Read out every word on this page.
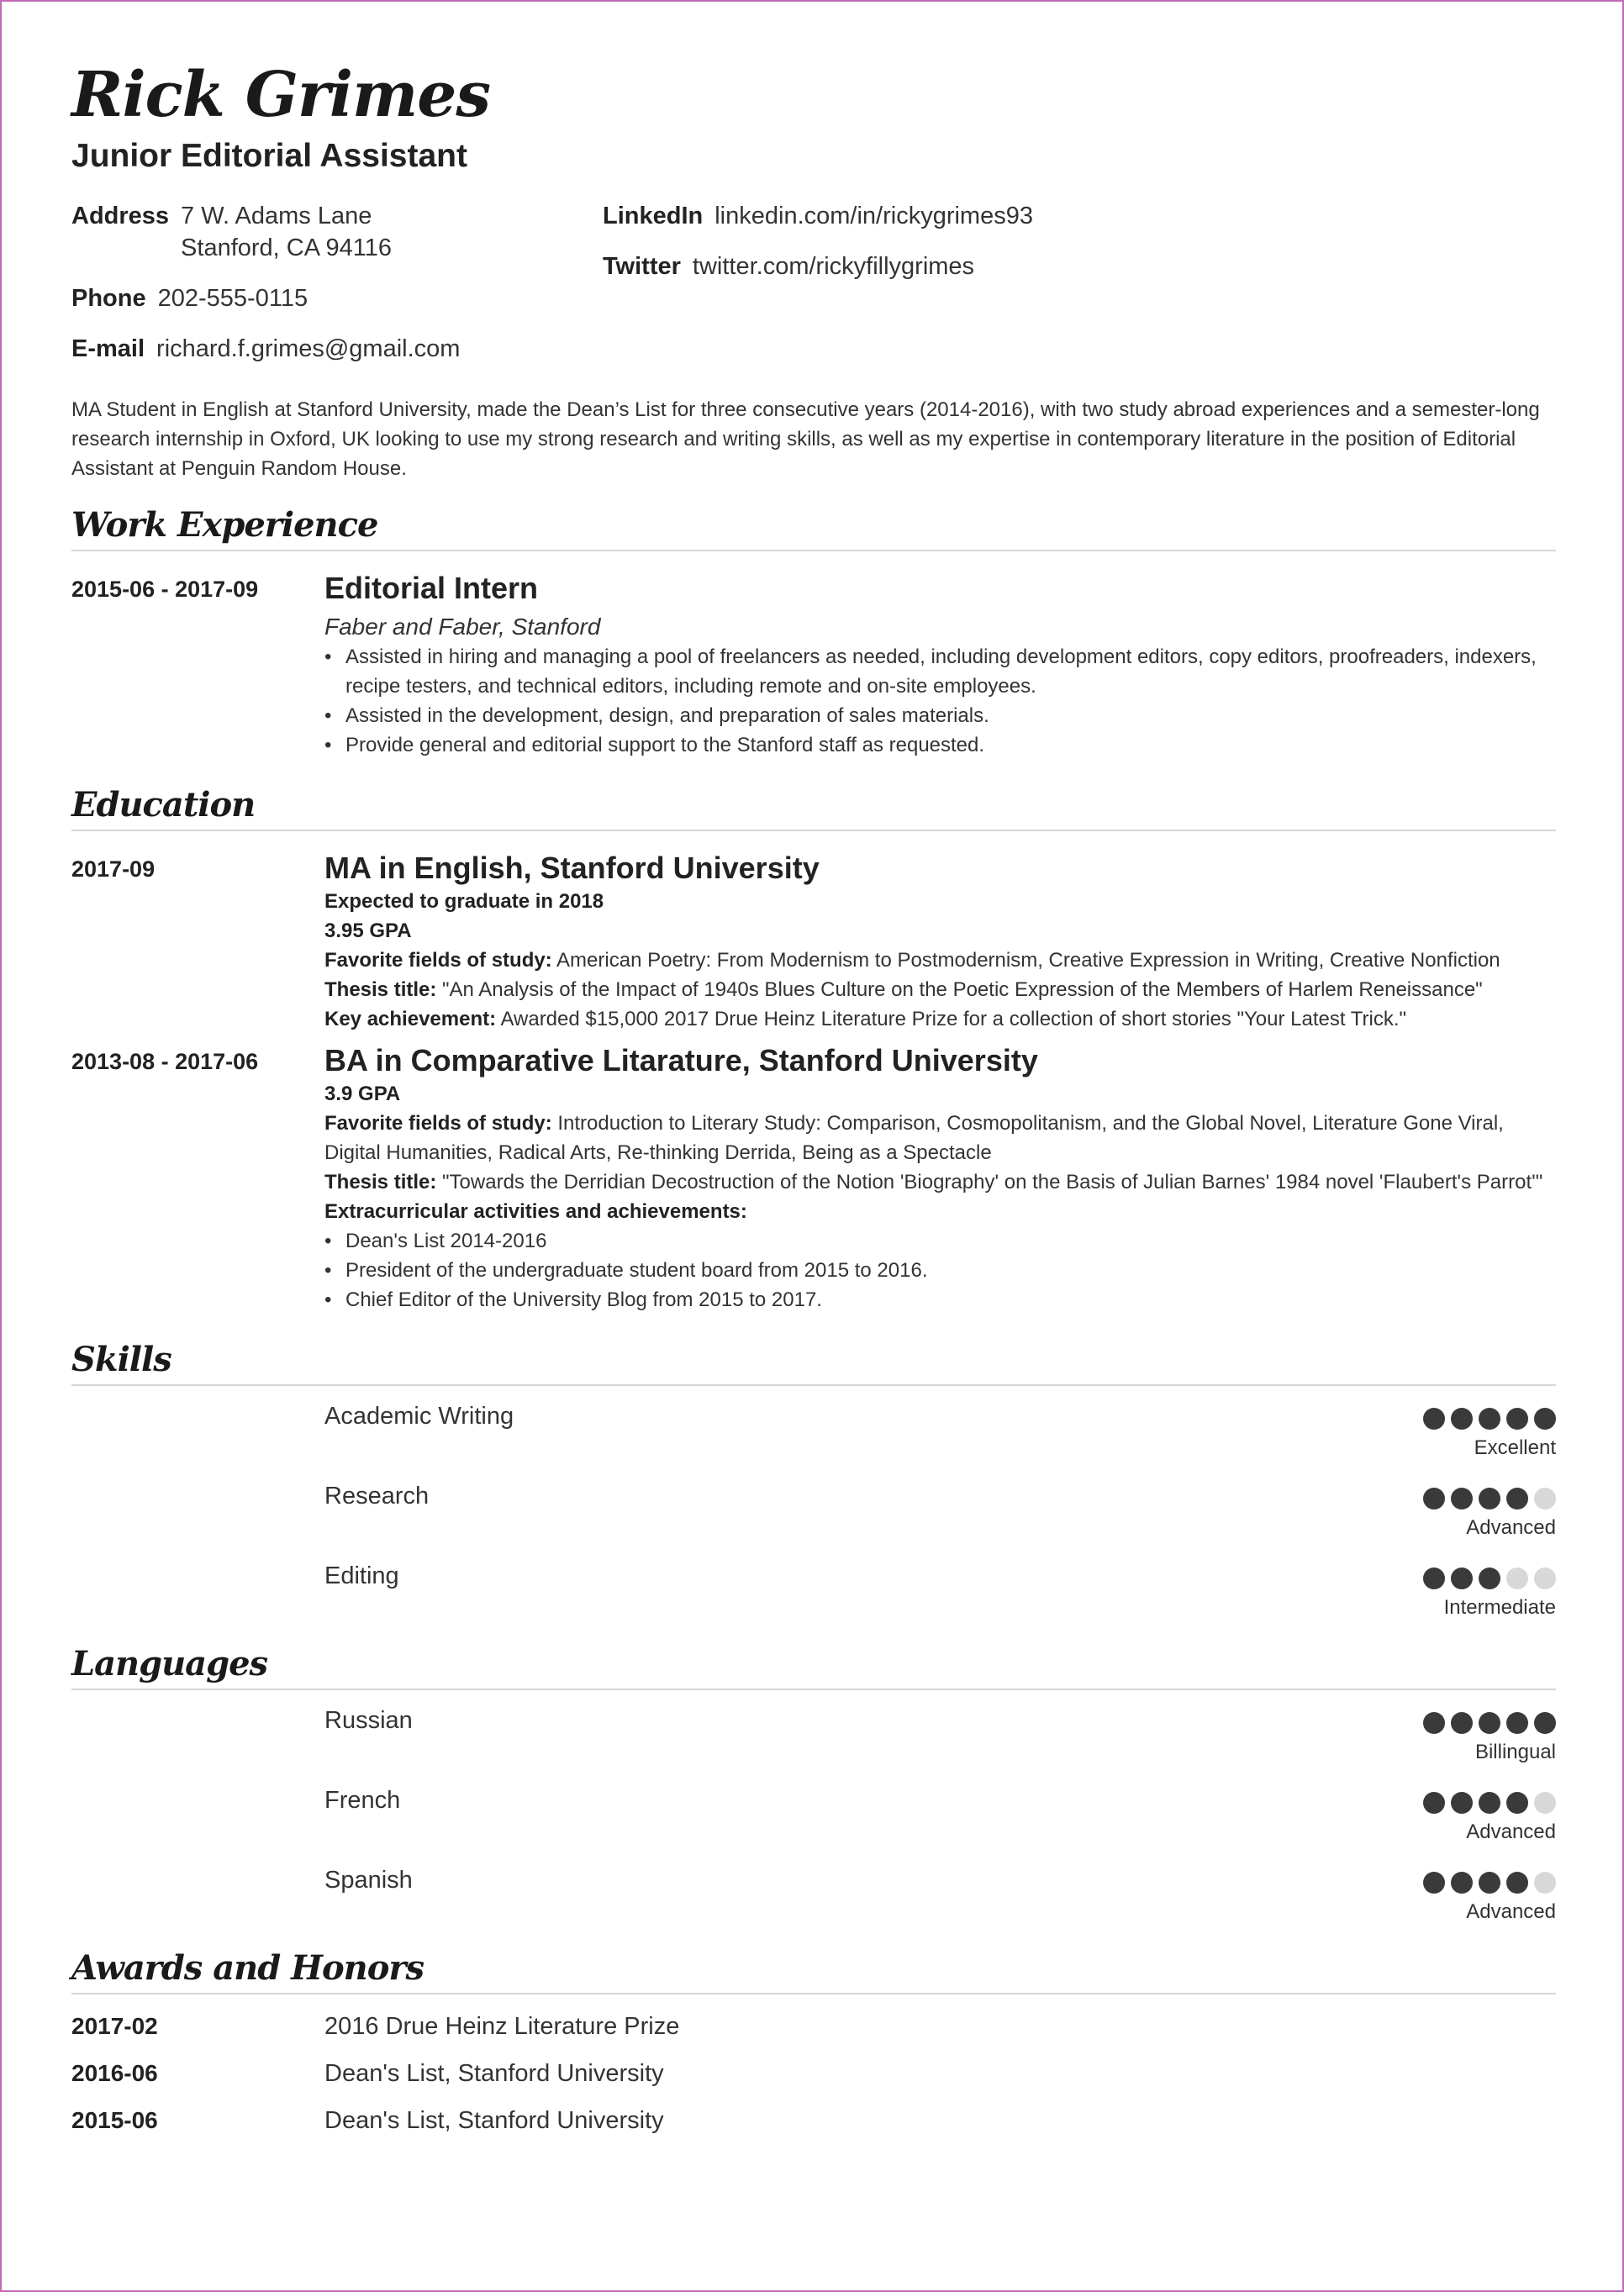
Rick Grimes
Junior Editorial Assistant
Address 7 W. Adams Lane
Stanford, CA 94116
Phone 202-555-0115
E-mail richard.f.grimes@gmail.com
LinkedIn linkedin.com/in/rickygrimes93
Twitter twitter.com/rickyfillygrimes
MA Student in English at Stanford University, made the Dean’s List for three consecutive years (2014-2016), with two study abroad experiences and a semester-long research internship in Oxford, UK looking to use my strong research and writing skills, as well as my expertise in contemporary literature in the position of Editorial Assistant at Penguin Random House.
Work Experience
2015-06 - 2017-09	Editorial Intern
Faber and Faber, Stanford
• Assisted in hiring and managing a pool of freelancers as needed, including development editors, copy editors, proofreaders, indexers, recipe testers, and technical editors, including remote and on-site employees.
• Assisted in the development, design, and preparation of sales materials.
• Provide general and editorial support to the Stanford staff as requested.
Education
2017-09	MA in English, Stanford University
Expected to graduate in 2018
3.95 GPA
Favorite fields of study: American Poetry: From Modernism to Postmodernism, Creative Expression in Writing, Creative Nonfiction
Thesis title: "An Analysis of the Impact of 1940s Blues Culture on the Poetic Expression of the Members of Harlem Reneissance"
Key achievement: Awarded $15,000 2017 Drue Heinz Literature Prize for a collection of short stories "Your Latest Trick."
2013-08 - 2017-06	BA in Comparative Litarature, Stanford University
3.9 GPA
Favorite fields of study: Introduction to Literary Study: Comparison, Cosmopolitanism, and the Global Novel, Literature Gone Viral, Digital Humanities, Radical Arts, Re-thinking Derrida, Being as a Spectacle
Thesis title: "Towards the Derridian Decostruction of the Notion 'Biography' on the Basis of Julian Barnes' 1984 novel 'Flaubert's Parrot'"
Extracurricular activities and achievements:
• Dean's List 2014-2016
• President of the undergraduate student board from 2015 to 2016.
• Chief Editor of the University Blog from 2015 to 2017.
Skills
Academic Writing
Excellent
Research
Advanced
Editing
Intermediate
Languages
Russian
Billingual
French
Advanced
Spanish
Advanced
Awards and Honors
2017-02	2016 Drue Heinz Literature Prize
2016-06	Dean's List, Stanford University
2015-06	Dean's List, Stanford University
